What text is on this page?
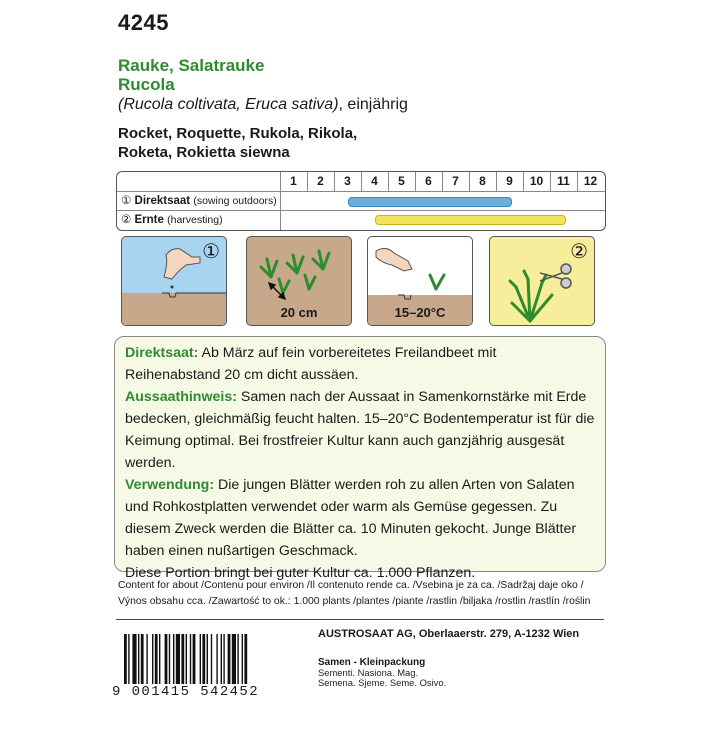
4245
Rauke, Salatrauke
Rucola
(Rucola coltivata, Eruca sativa), einjährig
Rocket, Roquette, Rukola, Rikola,
Roketa, Rokietta siewna
① Direktsaat (sowing outdoors)
② Ernte (harvesting)
1	2	3	4	5	6	7	8	9	10	11	12
①
20 cm	15–20°C
②

Direktsaat: Ab März auf fein vorbereitetes Freilandbeet mit Reihenabstand 20 cm dicht aussäen.

Aussaathinweis: Samen nach der Aussaat in Samenkornstärke mit Erde bedecken, gleichmäßig feucht halten. 15–20°C Bodentemperatur ist für die Keimung optimal. Bei frostfreier Kultur kann auch ganzjährig ausgesät werden.

Verwendung: Die jungen Blätter werden roh zu allen Arten von Salaten und Rohkostplatten verwendet oder warm als Gemüse gegessen. Zu diesem Zweck werden die Blätter ca. 10 Minuten gekocht. Junge Blätter haben einen nußartigen Geschmack.

Diese Portion bringt bei guter Kultur ca. 1.000 Pflanzen.

Content for about /Contenu pour environ /Il contenuto rende ca. /Vsebina je za ca. /Sadržaj daje oko /
Výnos obsahu cca. /Zawartość to ok.: 1.000 plants /plantes /piante /rastlin /biljaka /rostlin /rastlín /roślin
AUSTROSAAT AG, Oberlaaerstr. 279, A-1232 Wien
Samen - Kleinpackung
Sementi. Nasiona. Mag.
Semena. Sjeme. Seme. Osivo.
9 001415 542452
